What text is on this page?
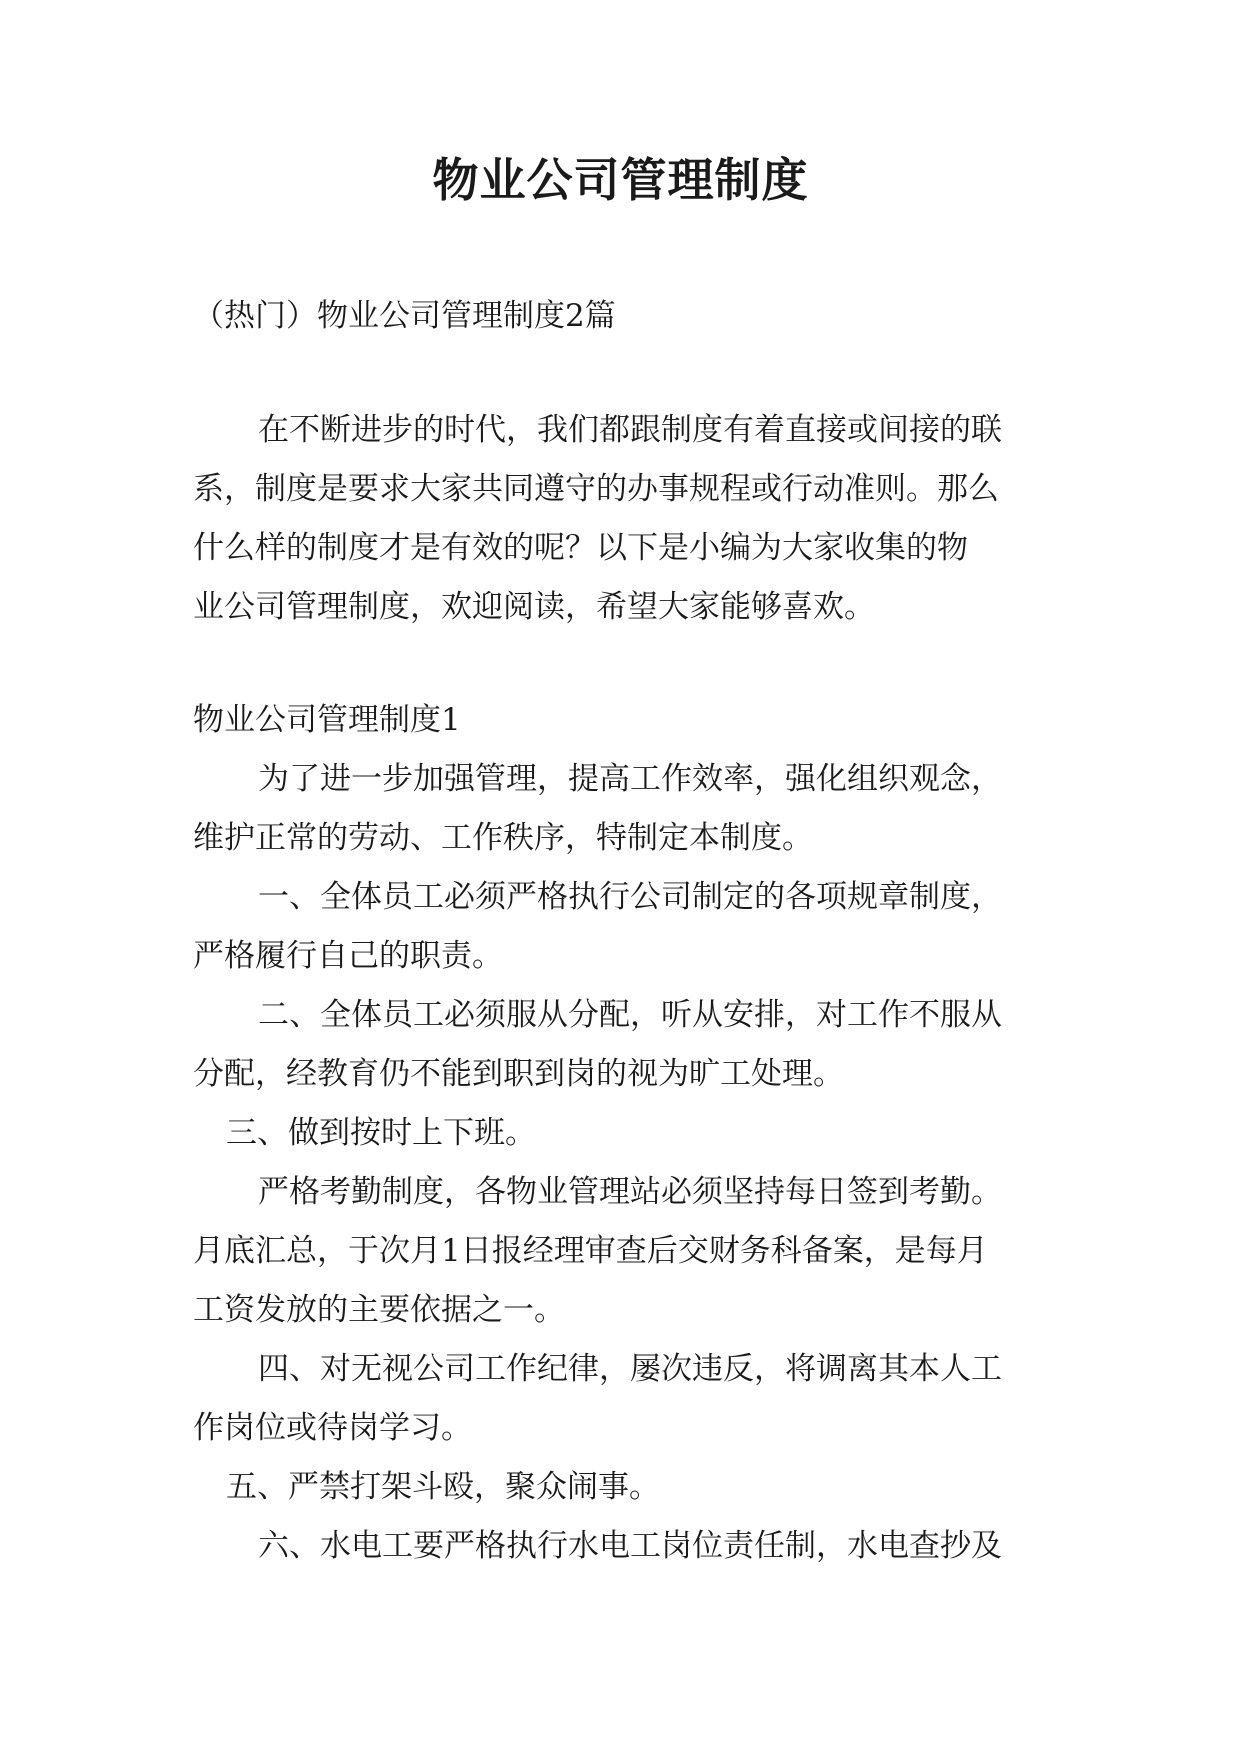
物业公司管理制度
（热门）物业公司管理制度2篇
在不断进步的时代，我们都跟制度有着直接或间接的联
系，制度是要求大家共同遵守的办事规程或行动准则。那么
什么样的制度才是有效的呢？以下是小编为大家收集的物
业公司管理制度，欢迎阅读，希望大家能够喜欢。
物业公司管理制度1
为了进一步加强管理，提高工作效率，强化组织观念，
维护正常的劳动、工作秩序，特制定本制度。
一、全体员工必须严格执行公司制定的各项规章制度，
严格履行自己的职责。
二、全体员工必须服从分配，听从安排，对工作不服从
分配，经教育仍不能到职到岗的视为旷工处理。
三、做到按时上下班。
严格考勤制度，各物业管理站必须坚持每日签到考勤。
月底汇总，于次月1日报经理审查后交财务科备案，是每月
工资发放的主要依据之一。
四、对无视公司工作纪律，屡次违反，将调离其本人工
作岗位或待岗学习。
五、严禁打架斗殴，聚众闹事。
六、水电工要严格执行水电工岗位责任制，水电查抄及
